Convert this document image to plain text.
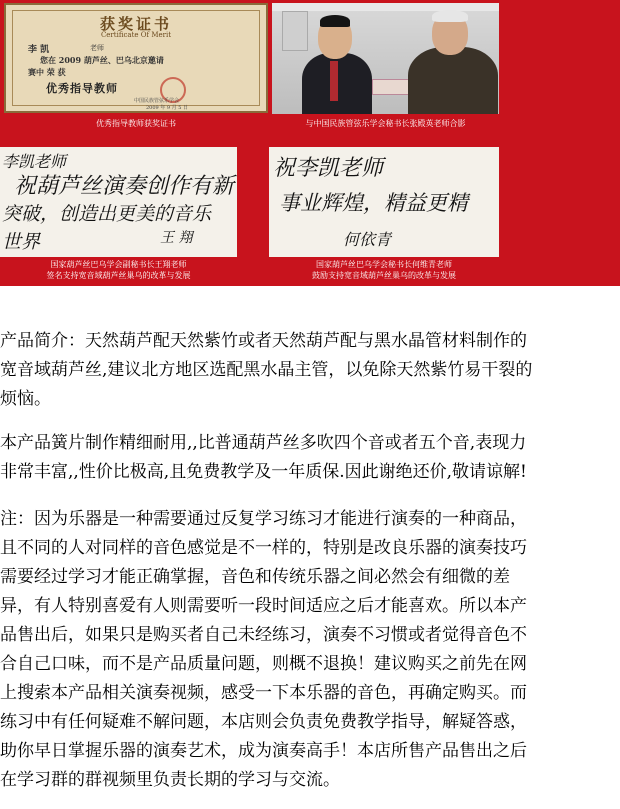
获奖证书
Certificate Of Merit
李 凯	老师
您在 2009 葫芦丝、巴乌北京邀请
赛中 荣 获
优秀指导教师
中国民族管弦乐学会
2009 年 9 月 5 日
优秀指导教师获奖证书	与中国民族管弦乐学会秘书长张殿英老师合影
李凯老师
祝葫芦丝演奏创作有新
突破，创造出更美的音乐
世界	王 翔
国家葫芦丝巴乌学会副秘书长王翔老师
签名支持宽音域葫芦丝巢乌的改革与发展
祝李凯老师
事业辉煌，精益更精
何依青
国家葫芦丝巴乌学会秘书长何维青老师
鼓励支持宽音域葫芦丝巢乌的改革与发展
产品简介：天然葫芦配天然紫竹或者天然葫芦配与黑水晶管材料制作的
宽音域葫芦丝,建议北方地区选配黑水晶主管，以免除天然紫竹易干裂的
烦恼。
本产品簧片制作精细耐用,,比普通葫芦丝多吹四个音或者五个音,表现力
非常丰富,,性价比极高,且免费教学及一年质保.因此谢绝还价,敬请谅解!
注：因为乐器是一种需要通过反复学习练习才能进行演奏的一种商品，
且不同的人对同样的音色感觉是不一样的，特别是改良乐器的演奏技巧
需要经过学习才能正确掌握，音色和传统乐器之间必然会有细微的差
异，有人特别喜爱有人则需要听一段时间适应之后才能喜欢。所以本产
品售出后，如果只是购买者自己未经练习，演奏不习惯或者觉得音色不
合自己口味，而不是产品质量问题，则概不退换！建议购买之前先在网
上搜索本产品相关演奏视频，感受一下本乐器的音色，再确定购买。而
练习中有任何疑难不解问题，本店则会负责免费教学指导，解疑答惑，
助你早日掌握乐器的演奏艺术，成为演奏高手！本店所售产品售出之后
在学习群的群视频里负责长期的学习与交流。
